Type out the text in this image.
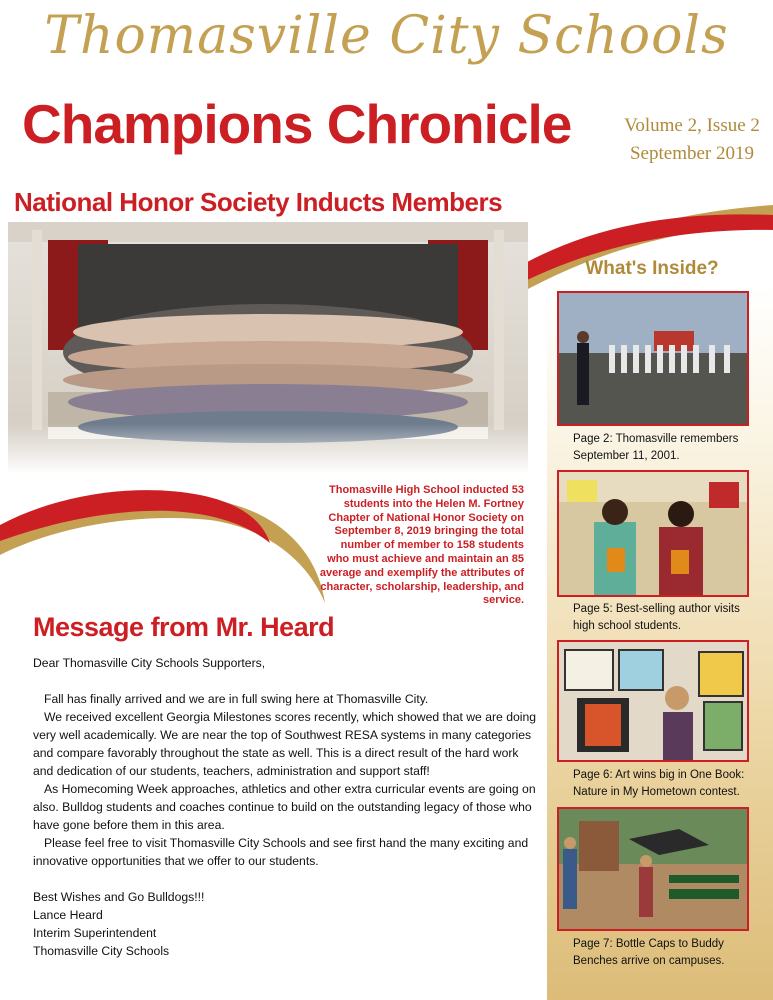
Thomasville City Schools
Champions Chronicle	Volume 2, Issue 2
September 2019
National Honor Society Inducts Members
Thomasville High School inducted 53 students into the Helen M. Fortney Chapter of National Honor Society on September 8, 2019 bringing the total number of member to 158 students who must achieve and maintain an 85 average and exemplify the attributes of character, scholarship, leadership, and service.
Message from Mr. Heard

Dear Thomasville City Schools Supporters,

Fall has finally arrived and we are in full swing here at Thomasville City.

We received excellent Georgia Milestones scores recently, which showed that we are doing very well academically. We are near the top of Southwest RESA systems in many categories and compare favorably throughout the state as well. This is a direct result of the hard work and dedication of our students, teachers, administration and support staff!

As Homecoming Week approaches, athletics and other extra curricular events are going on also. Bulldog students and coaches continue to build on the outstanding legacy of those who have gone before them in this area.

Please feel free to visit Thomasville City Schools and see first hand the many exciting and innovative opportunities that we offer to our students.

Best Wishes and Go Bulldogs!!!

Lance Heard

Interim Superintendent

Thomasville City Schools

What's Inside?
Page 2: Thomasville remembers September 11, 2001.
Page 5: Best-selling author visits high school students.
Page 6: Art wins big in One Book: Nature in My Hometown contest.
Page 7: Bottle Caps to Buddy Benches arrive on campuses.
